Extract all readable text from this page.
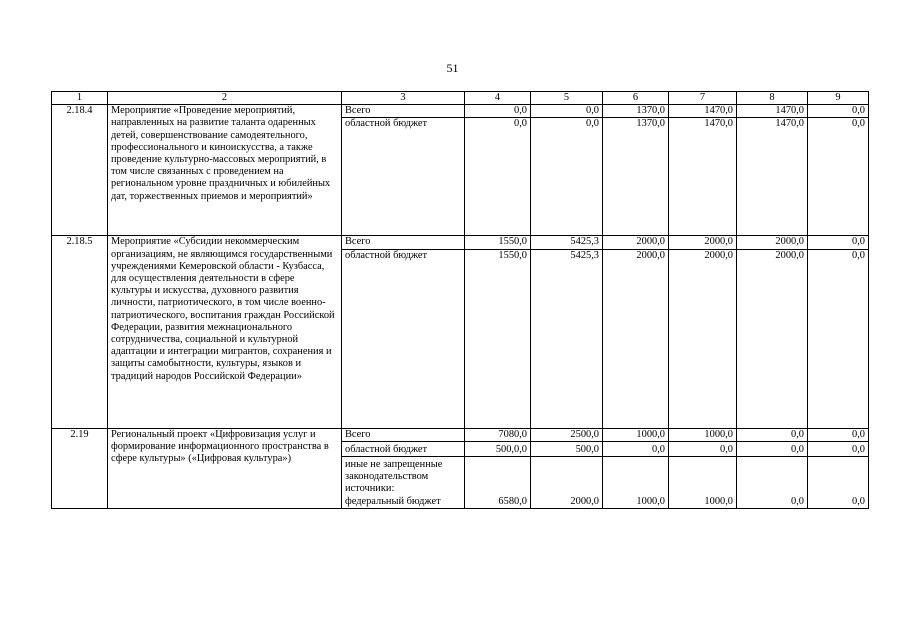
51
1	2	3	4	5	6	7	8	9
2.18.4	Мероприятие «Проведение мероприятий, направленных на развитие таланта одаренных детей, совершенствование самодеятельного, профессионального и киноискусства, а также проведение культурно-массовых мероприятий, в том числе связанных с проведением на региональном уровне праздничных и юбилейных дат, торжественных приемов и мероприятий»	Всего	0,0	0,0	1370,0	1470,0	1470,0	0,0
		областной бюджет	0,0	0,0	1370,0	1470,0	1470,0	0,0
2.18.5	Мероприятие «Субсидии некоммерческим организациям, не являющимся государственными учреждениями Кемеровской области - Кузбасса, для осуществления деятельности в сфере культуры и искусства, духовного развития личности, патриотического, в том числе военно-патриотического, воспитания граждан Российской Федерации, развития межнационального сотрудничества, социальной и культурной адаптации и интеграции мигрантов, сохранения и защиты самобытности, культуры, языков и традиций народов Российской Федерации»	Всего	1550,0	5425,3	2000,0	2000,0	2000,0	0,0
		областной бюджет	1550,0	5425,3	2000,0	2000,0	2000,0	0,0
2.19	Региональный проект «Цифровизация услуг и формирование информационного пространства в сфере культуры» («Цифровая культура»)	Всего	7080,0	2500,0	1000,0	1000,0	0,0	0,0
		областной бюджет	500,0,0	500,0	0,0	0,0	0,0	0,0
		иные не запрещенные законодательством источники:						
		федеральный бюджет	6580,0	2000,0	1000,0	1000,0	0,0	0,0
